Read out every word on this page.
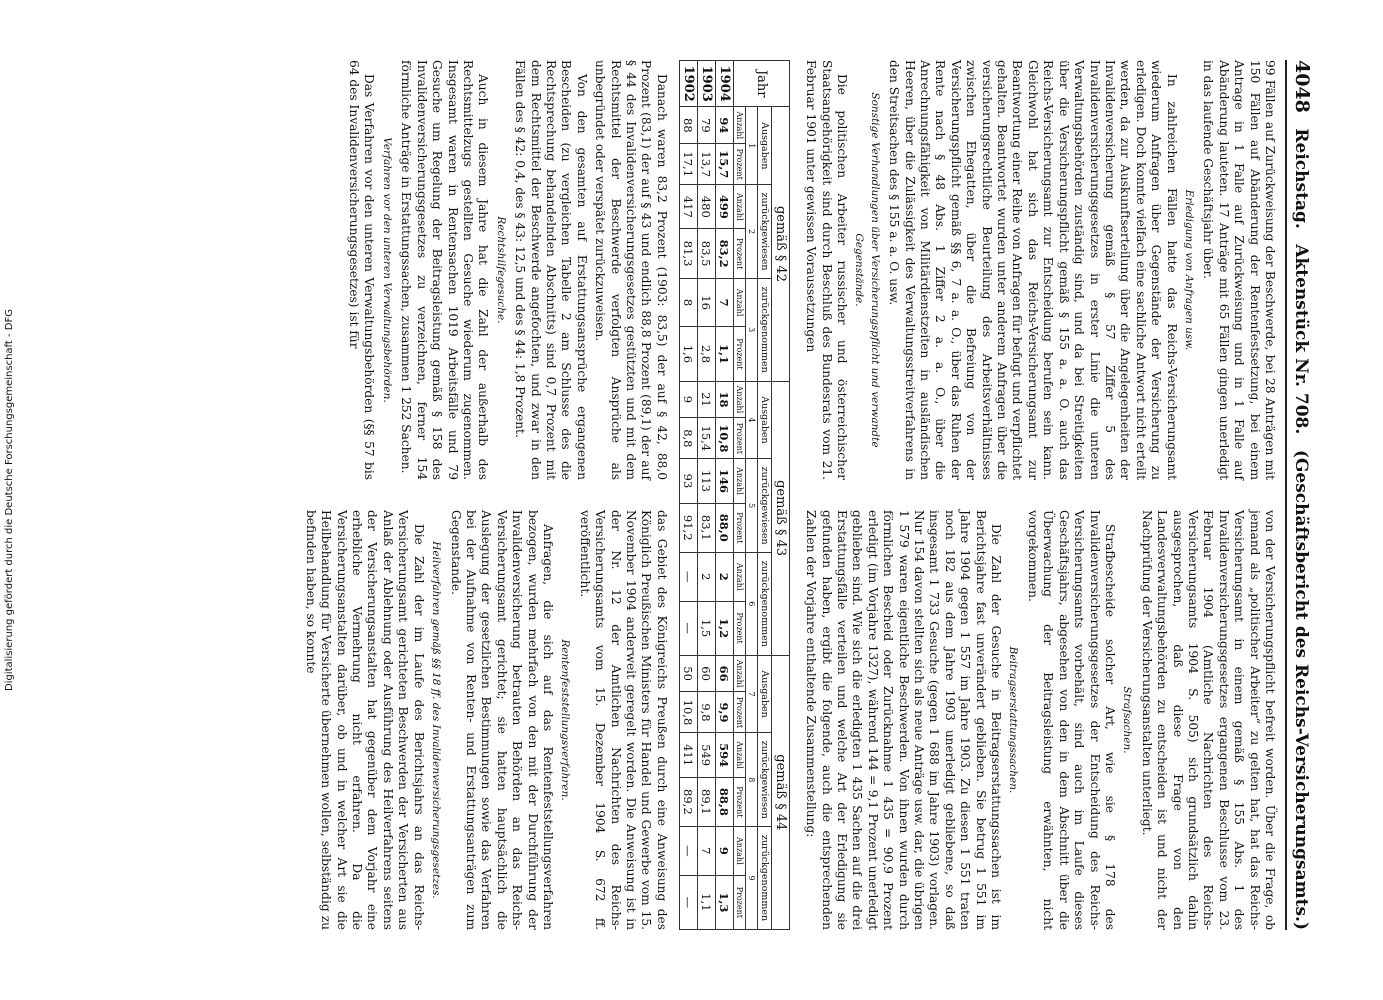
4048
Reichstag.
Aktenstück Nr. 708.
(Geschäftsbericht des Reichs-Versicherungsamts.)

99 Fällen auf Zurückweisung der Beschwerde, bei 28 Anträgen mit 150 Fällen auf Abänderung der Rentenfestsetzung, bei einem Antrage in 1 Falle auf Zurückweisung und in 1 Falle auf Abänderung lauteten. 17 Anträge mit 65 Fällen gingen unerledigt in das laufende Geschäftsjahr über.

Erledigung von Anfragen usw.

In zahlreichen Fällen hatte das Reichs-Versicherungsamt wiederum Anfragen über Gegenstände der Versicherung zu erledigen. Doch konnte vielfach eine sachliche Antwort nicht erteilt werden, da zur Auskunftserteilung über die Angelegenheiten der Invalidenversicherung gemäß § 57 Ziffer 5 des Invalidenversicherungsgesetzes in erster Linie die unteren Verwaltungsbehörden zuständig sind, und da bei Streitigkeiten über die Versicherungspflicht gemäß § 155 a. a. O. auch das Reichs-Versicherungsamt zur Entscheidung berufen sein kann. Gleichwohl hat sich das Reichs-Versicherungsamt zur Beantwortung einer Reihe von Anfragen für befugt und verpflichtet gehalten. Beantwortet wurden unter anderem Anfragen über die versicherungsrechtliche Beurteilung des Arbeitsverhältnisses zwischen Ehegatten, über die Befreiung von der Versicherungspflicht gemäß §§ 6, 7 a. a. O., über das Ruhen der Rente nach § 48 Abs. 1 Ziffer 2 a. a. O., über die Anrechnungsfähigkeit von Militärdienstzeiten in ausländischen Heeren, über die Zulässigkeit des Verwaltungsstreitverfahrens in den Streitsachen des § 155 a. a. O. usw.

Sonstige Verhandlungen über Versicherungspflicht und verwandte Gegenstände.

Die politischen Arbeiter russischer und österreichischer Staatsangehörigkeit sind durch Beschluß des Bundesrats vom 21. Februar 1901 unter gewissen Voraussetzungen

von der Versicherungspflicht befreit worden. Über die Frage, ob jemand als „politischer Arbeiter“ zu gelten hat, hat das Reichs-Versicherungsamt in einem gemäß § 155 Abs. 1 des Invalidenversicherungsgesetzes ergangenen Beschlusse vom 23. Februar 1904 (Amtliche Nachrichten des Reichs-Versicherungsamts 1904 S. 505) sich grundsätzlich dahin ausgesprochen, daß diese Frage von den Landesverwaltungsbehörden zu entscheiden ist und nicht der Nachprüfung der Versicherungsanstalten unterliegt.

Strafsachen.

Strafbescheide solcher Art, wie sie § 178 des Invalidenversicherungsgesetzes der Entscheidung des Reichs-Versicherungsamts vorbehält, sind auch im Laufe dieses Geschäftsjahrs, abgesehen von den in dem Abschnitt über die Überwachung der Beitragsleistung erwähnten, nicht vorgekommen.

Beitragserstattungssachen.

Die Zahl der Gesuche in Beitragserstattungssachen ist im Berichtsjahre fast unverändert geblieben. Sie betrug 1 551 im Jahre 1904 gegen 1 557 im Jahre 1903. Zu diesen 1 551 traten noch 182 aus dem Jahre 1903 unerledigt gebliebene, so daß insgesamt 1 733 Gesuche (gegen 1 688 im Jahre 1903) vorlagen. Nur 154 davon stellten sich als neue Anträge usw. dar, die übrigen 1 579 waren eigentliche Beschwerden. Von ihnen wurden durch förmlichen Bescheid oder Zurücknahme 1 435 = 90,9 Prozent erledigt (im Vorjahre 1327), während 144 = 9,1 Prozent unerledigt geblieben sind. Wie sich die erledigten 1 435 Sachen auf die drei Erstattungsfälle verteilen und welche Art der Erledigung sie gefunden haben, ergibt die folgende, auch die entsprechenden Zahlen der Vorjahre enthaltende Zusammenstellung:

Jahr	gemäß § 42						gemäß § 43						gemäß § 44					
	Ausgaben		zurückgewiesen		zurückgenommen		Ausgaben		zurückgewiesen		zurückgenommen		Ausgaben		zurückgewiesen		zurückgenommen	
	1		2		3		4		5		6		7		8		9	
	Anzahl	Prozent	Anzahl	Prozent	Anzahl	Prozent	Anzahl	Prozent	Anzahl	Prozent	Anzahl	Prozent	Anzahl	Prozent	Anzahl	Prozent	Anzahl	Prozent
1904	94	15,7	499	83,2	7	1,1	18	10,8	146	88,0	2	1,2	66	9,9	594	88,8	9	1,3
1903	79	13,7	480	83,5	16	2,8	21	15,4	113	83,1	2	1,5	60	9,8	549	89,1	7	1,1
1902	88	17,1	417	81,3	8	1,6	9	8,8	93	91,2	—	—	50	10,8	411	89,2	—	—

Danach waren 83,2 Prozent (1903: 83,5) der auf § 42, 88,0 Prozent (83,1) der auf § 43 und endlich 88,8 Prozent (89,1) der auf § 44 des Invalidenversicherungsgesetzes gestützten und mit dem Rechtsmittel der Beschwerde verfolgten Ansprüche als unbegründet oder verspätet zurückzuweisen.

Von den gesamten auf Erstattungsansprüche ergangenen Bescheiden (zu vergleichen Tabelle 2 am Schlusse des die Rechtsprechung behandelnden Abschnitts) sind 0,7 Prozent mit dem Rechtsmittel der Beschwerde angefochten, und zwar in den Fällen des § 42: 0,4, des § 43: 12,5 und des § 44: 1,8 Prozent.

Rechtshilfegesuche.

Auch in diesem Jahre hat die Zahl der außerhalb des Rechtsmittelzugs gestellten Gesuche wiederum zugenommen. Insgesamt waren in Rentensachen 1019 Arbeitsfälle und 79 Gesuche um Regelung der Beitragsleistung gemäß § 158 des Invalidenversicherungsgesetzes zu verzeichnen, ferner 154 förmliche Anträge in Erstattungssachen, zusammen 1 252 Sachen.

Verfahren vor den unteren Verwaltungsbehörden.

Das Verfahren vor den unteren Verwaltungsbehörden (§§ 57 bis 64 des Invalidenversicherungsgesetzes) ist für

das Gebiet des Königreichs Preußen durch eine Anweisung des Königlich Preußischen Ministers für Handel und Gewerbe vom 15. November 1904 anderweit geregelt worden. Die Anweisung ist in der Nr. 12 der Amtlichen Nachrichten des Reichs-Versicherungsamts vom 15. Dezember 1904 S. 672 ff. veröffentlicht.

Rentenfeststellungsverfahren.

Anfragen, die sich auf das Rentenfeststellungsverfahren bezogen, wurden mehrfach von den mit der Durchführung der Invalidenversicherung betrauten Behörden an das Reichs-Versicherungsamt gerichtet; sie hatten hauptsächlich die Auslegung der gesetzlichen Bestimmungen sowie das Verfahren bei der Aufnahme von Renten- und Erstattungsanträgen zum Gegenstande.

Heilverfahren gemäß §§ 18 ff. des Invalidenversicherungsgesetzes.

Die Zahl der im Laufe des Berichtsjahrs an das Reichs-Versicherungsamt gerichteten Beschwerden der Versicherten aus Anlaß der Ablehnung oder Ausführung des Heilverfahrens seitens der Versicherungsanstalten hat gegenüber dem Vorjahr eine erhebliche Vermehrung nicht erfahren. Da die Versicherungsanstalten darüber, ob und in welcher Art sie die Heilbehandlung für Versicherte übernehmen wollen, selbständig zu befinden haben, so konnte

Digitalisierung gefördert durch die Deutsche Forschungsgemeinschaft - DFG
